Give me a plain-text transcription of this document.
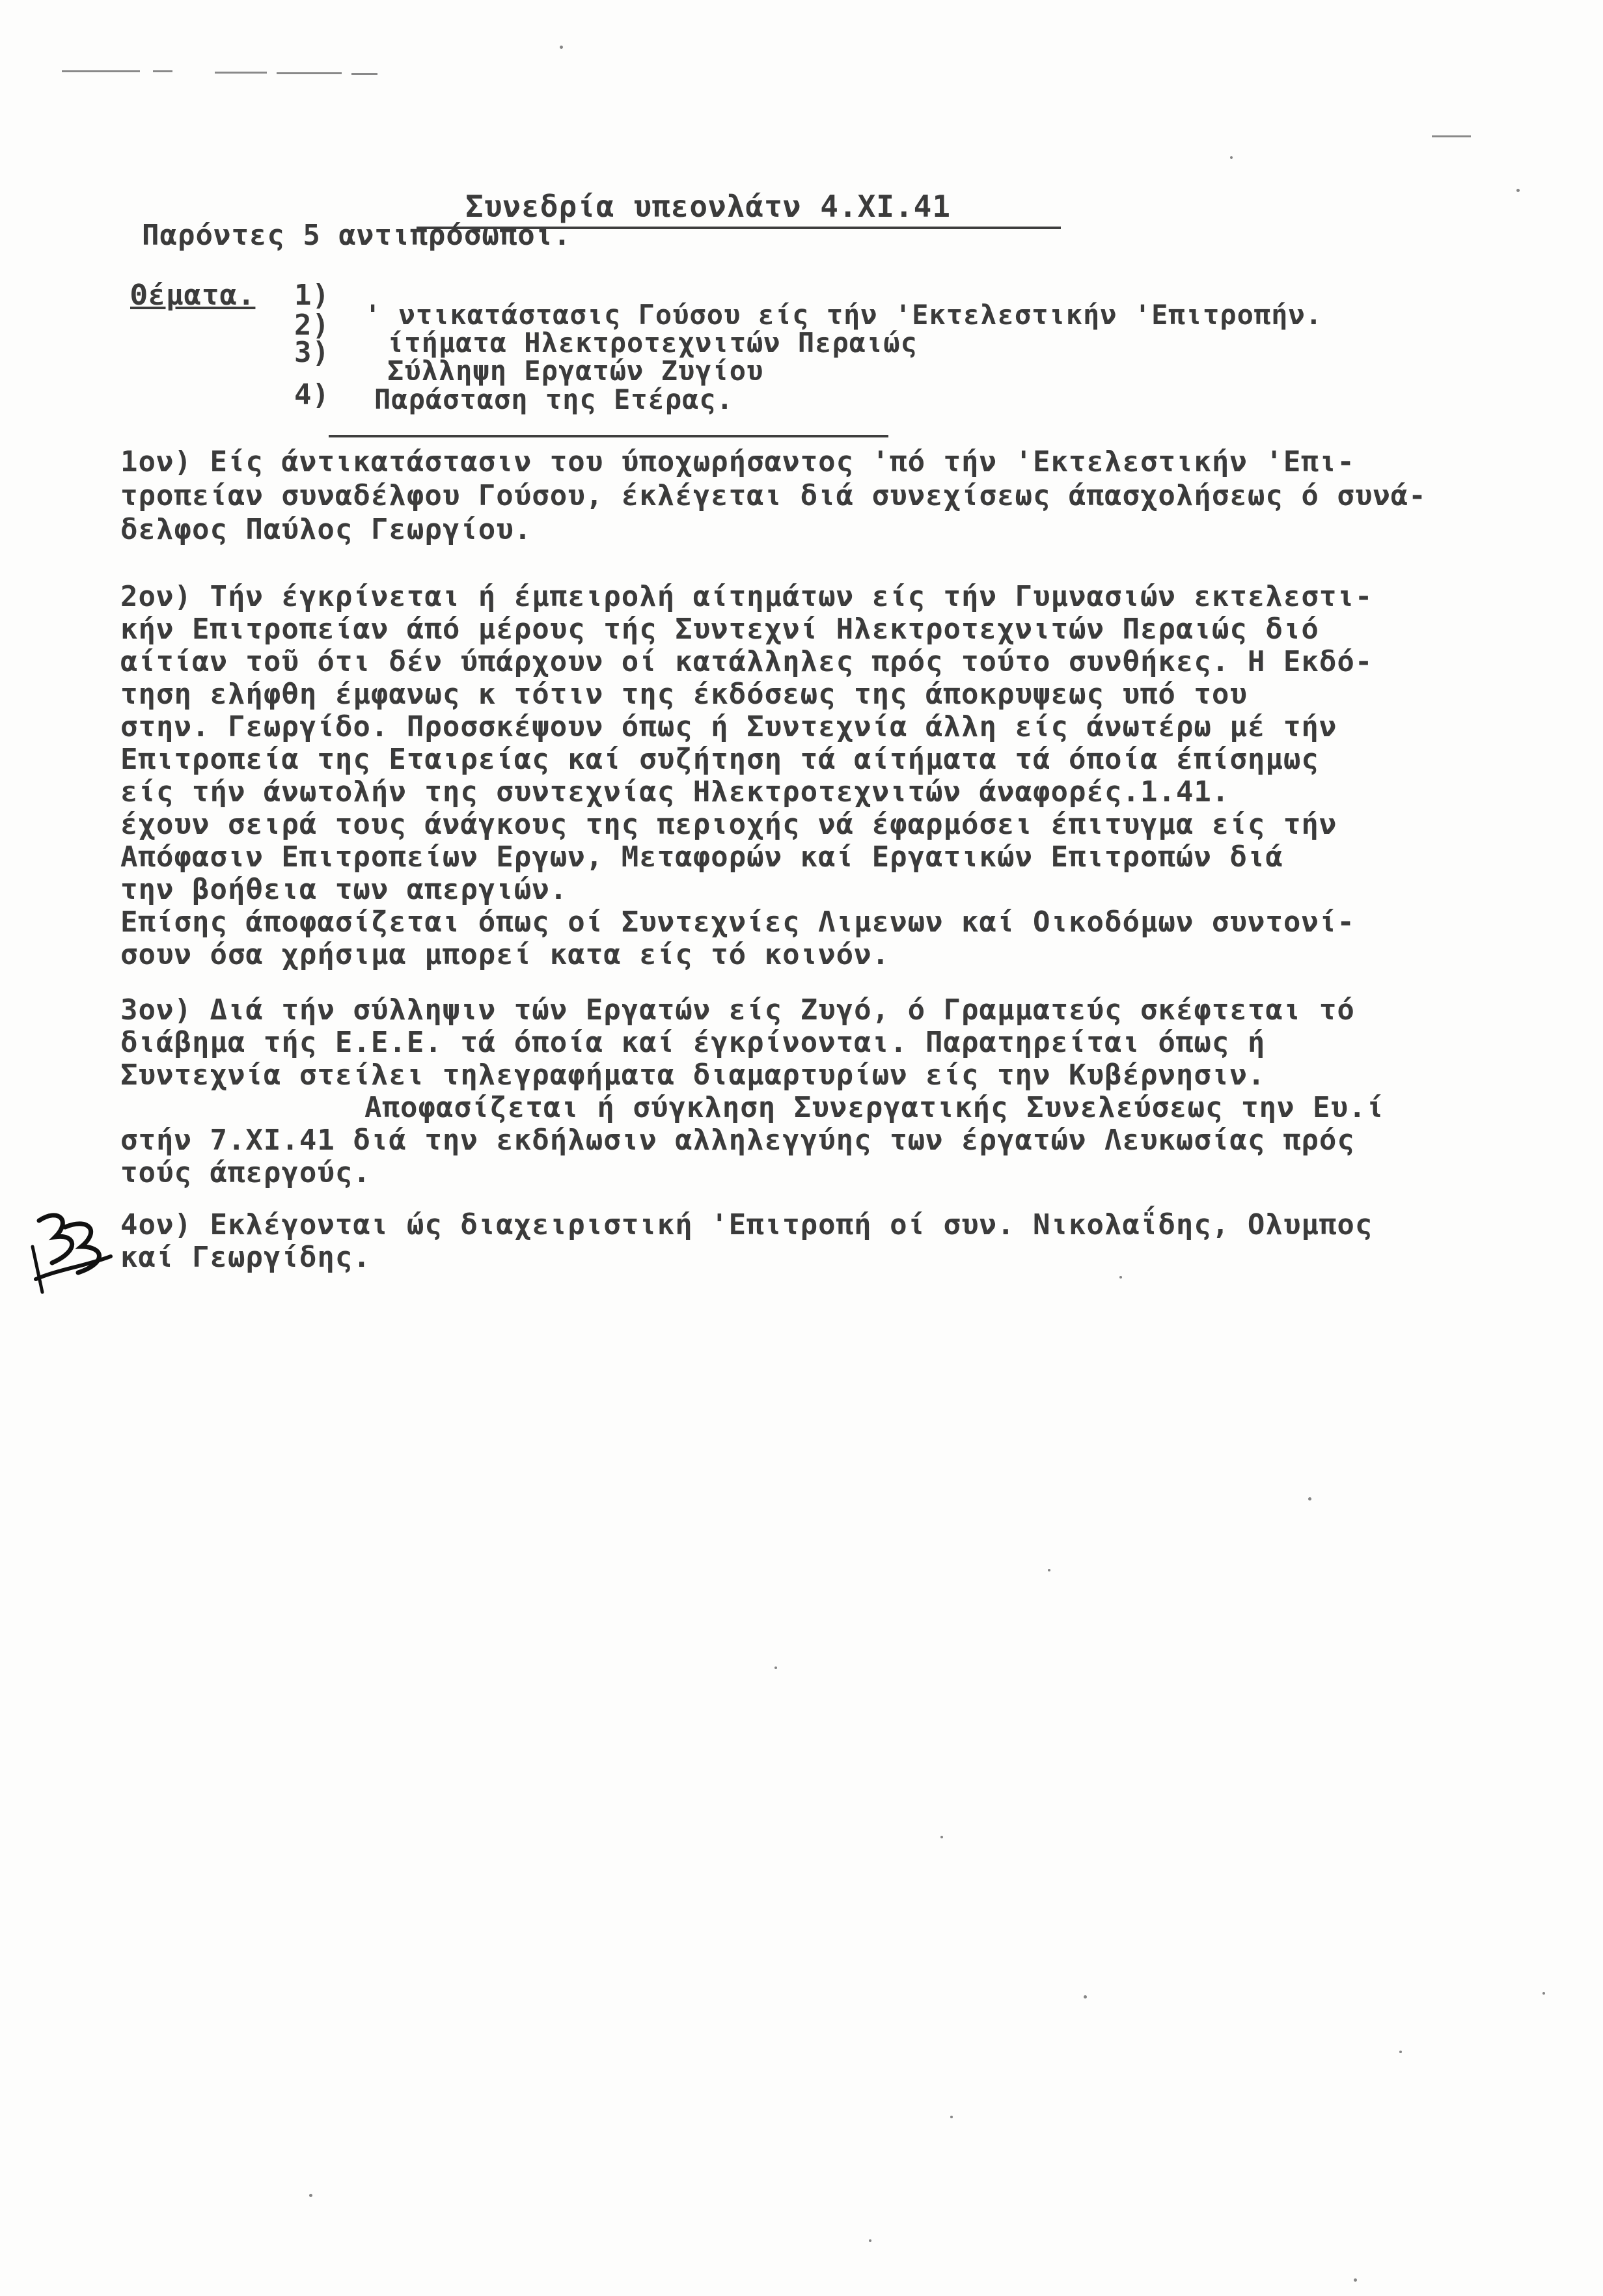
Συνεδρία υπεονλάτν 4.ΧΙ.41
Παρόντες 5 αντιπρόσωποι.
Θέματα. 1)
' ντικατάστασις Γούσου είς τήν 'Εκτελεστικήν 'Επιτροπήν.
2)
ίτήματα Ηλεκτροτεχνιτών Περαιώς
3)
Σύλληψη Εργατών Ζυγίου
4) Παράσταση της Ετέρας.
1ον) Είς άντικατάστασιν του ύποχωρήσαντος 'πό τήν 'Εκτελεστικήν 'Επι-
τροπείαν συναδέλφου Γούσου, έκλέγεται διά συνεχίσεως άπασχολήσεως ό συνά-
δελφος Παύλος Γεωργίου.
2ον) Τήν έγκρίνεται ή έμπειρολή αίτημάτων είς τήν Γυμνασιών εκτελεστι-
κήν Επιτροπείαν άπό μέρους τής Συντεχνί Ηλεκτροτεχνιτών Περαιώς διό
αίτίαν τοῦ ότι δέν ύπάρχουν οί κατάλληλες πρός τούτο συνθήκες. Η Εκδό-
τηση ελήφθη έμφανως κ τότιν της έκδόσεως της άποκρυψεως υπό του
στην. Γεωργίδο. Προσσκέψουν όπως ή Συντεχνία άλλη είς άνωτέρω μέ τήν
Επιτροπεία της Εταιρείας καί συζήτηση τά αίτήματα τά όποία έπίσημως
είς τήν άνωτολήν της συντεχνίας Ηλεκτροτεχνιτών άναφορές.1.41.
έχουν σειρά τους άνάγκους της περιοχής νά έφαρμόσει έπιτυγμα είς τήν
Απόφασιν Επιτροπείων Εργων, Μεταφορών καί Εργατικών Επιτροπών διά
την βοήθεια των απεργιών.
Επίσης άποφασίζεται όπως οί Συντεχνίες Λιμενων καί Οικοδόμων συντονί-
σουν όσα χρήσιμα μπορεί κατα είς τό κοινόν.
3ον) Διά τήν σύλληψιν τών Εργατών είς Ζυγό, ό Γραμματεύς σκέφτεται τό
διάβημα τής Ε.Ε.Ε. τά όποία καί έγκρίνονται. Παρατηρείται όπως ή
Συντεχνία στείλει τηλεγραφήματα διαμαρτυρίων είς την Κυβέρνησιν.
Αποφασίζεται ή σύγκληση Συνεργατικής Συνελεύσεως την Ευ.ί
στήν 7.ΧΙ.41 διά την εκδήλωσιν αλληλεγγύης των έργατών Λευκωσίας πρός
τούς άπεργούς.
4ον) Εκλέγονται ώς διαχειριστική 'Επιτροπή οί συν. Νικολαΐδης, Ολυμπος
καί Γεωργίδης.
